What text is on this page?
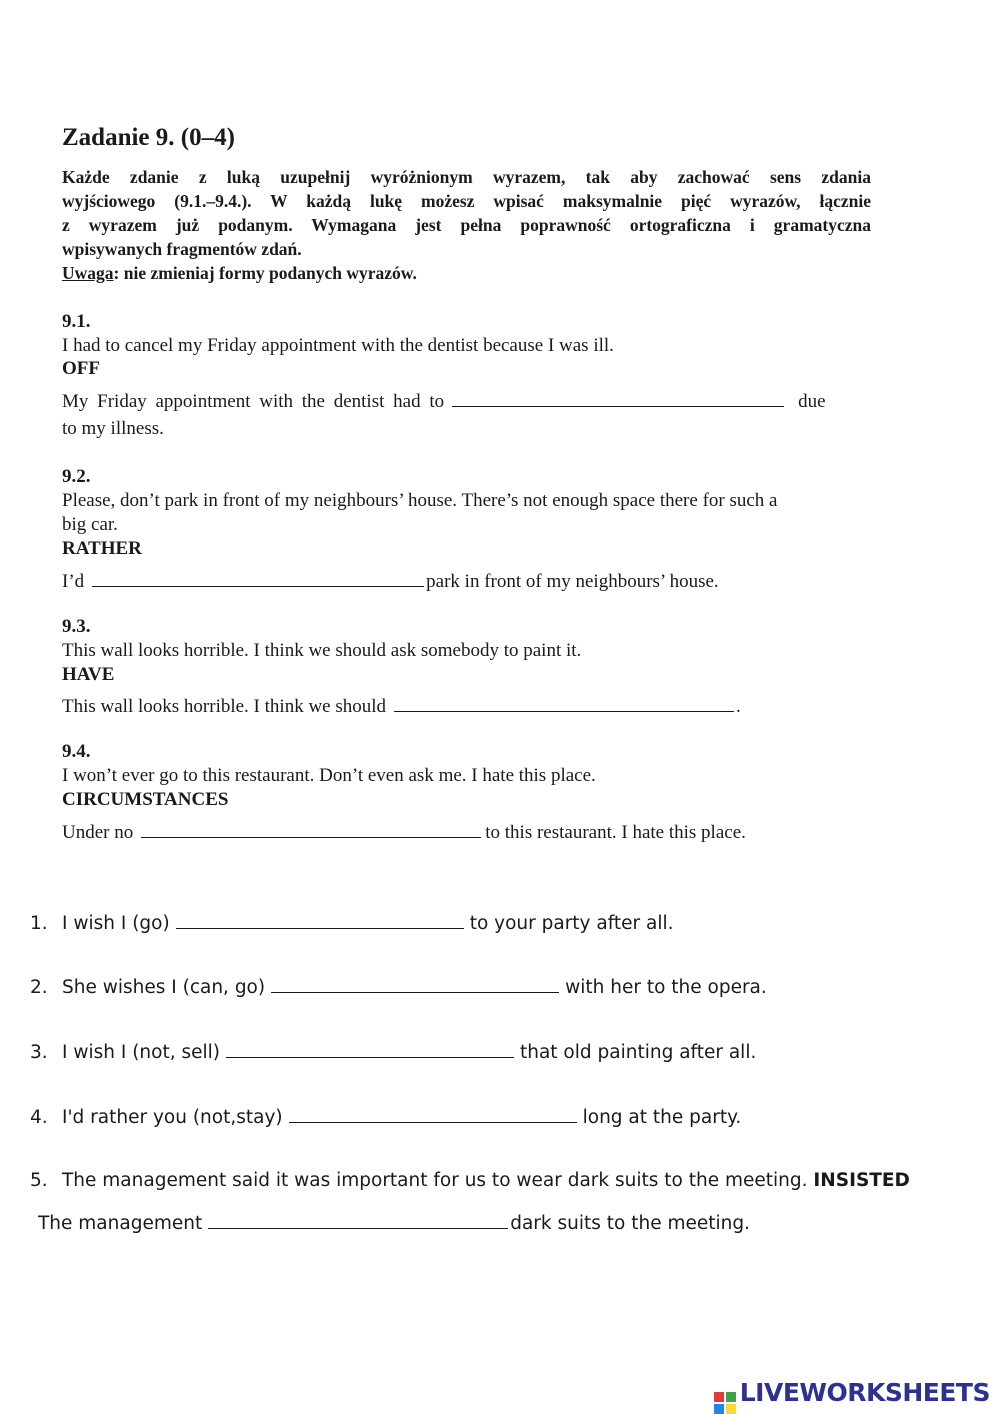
Zadanie 9. (0–4)
Każde zdanie z luką uzupełnij wyróżnionym wyrazem, tak aby zachować sens zdania
wyjściowego (9.1.–9.4.). W każdą lukę możesz wpisać maksymalnie pięć wyrazów, łącznie
z wyrazem już podanym. Wymagana jest pełna poprawność ortograficzna i gramatyczna
wpisywanych fragmentów zdań.
Uwaga: nie zmieniaj formy podanych wyrazów.
9.1.
I had to cancel my Friday appointment with the dentist because I was ill.
OFF
My Friday appointment with the dentist had to	due
to my illness.
9.2.
Please, don’t park in front of my neighbours’ house. There’s not enough space there for such a
big car.
RATHER
I’d	park in front of my neighbours’ house.
9.3.
This wall looks horrible. I think we should ask somebody to paint it.
HAVE
This wall looks horrible. I think we should	.
9.4.
I won’t ever go to this restaurant. Don’t even ask me. I hate this place.
CIRCUMSTANCES
Under no	to this restaurant. I hate this place.
1. I wish I (go)	to your party after all.
2. She wishes I (can, go)	with her to the opera.
3. I wish I (not, sell)	that old painting after all.
4. I'd rather you (not,stay)	long at the party.
5. The management said it was important for us to wear dark suits to the meeting. INSISTED
The management	dark suits to the meeting.
LIVEWORKSHEETS
